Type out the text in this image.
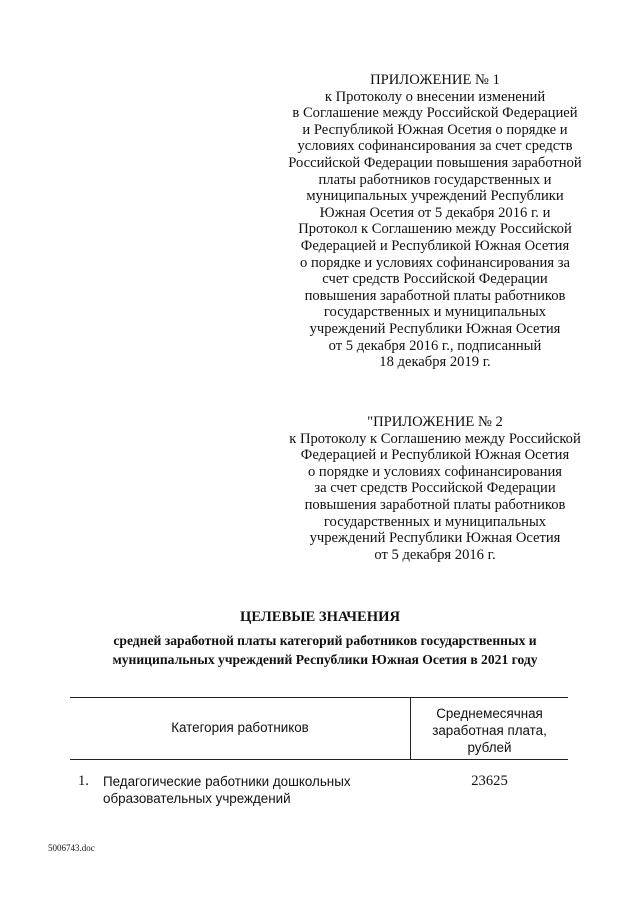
ПРИЛОЖЕНИЕ № 1
к Протоколу о внесении изменений
в Соглашение между Российской Федерацией
и Республикой Южная Осетия о порядке и
условиях софинансирования за счет средств
Российской Федерации повышения заработной
платы работников государственных и
муниципальных учреждений Республики
Южная Осетия от 5 декабря 2016 г. и
Протокол к Соглашению между Российской
Федерацией и Республикой Южная Осетия
о порядке и условиях софинансирования за
счет средств Российской Федерации
повышения заработной платы работников
государственных и муниципальных
учреждений Республики Южная Осетия
от 5 декабря 2016 г., подписанный
18 декабря 2019 г.
"ПРИЛОЖЕНИЕ № 2
к Протоколу к Соглашению между Российской
Федерацией и Республикой Южная Осетия
о порядке и условиях софинансирования
за счет средств Российской Федерации
повышения заработной платы работников
государственных и муниципальных
учреждений Республики Южная Осетия
от 5 декабря 2016 г.
ЦЕЛЕВЫЕ ЗНАЧЕНИЯ
средней заработной платы категорий работников государственных и
муниципальных учреждений Республики Южная Осетия в 2021 году
Категория работников
Среднемесячная
заработная плата,
рублей
1. Педагогические работники дошкольных
образовательных учреждений
23625
5006743.doc
